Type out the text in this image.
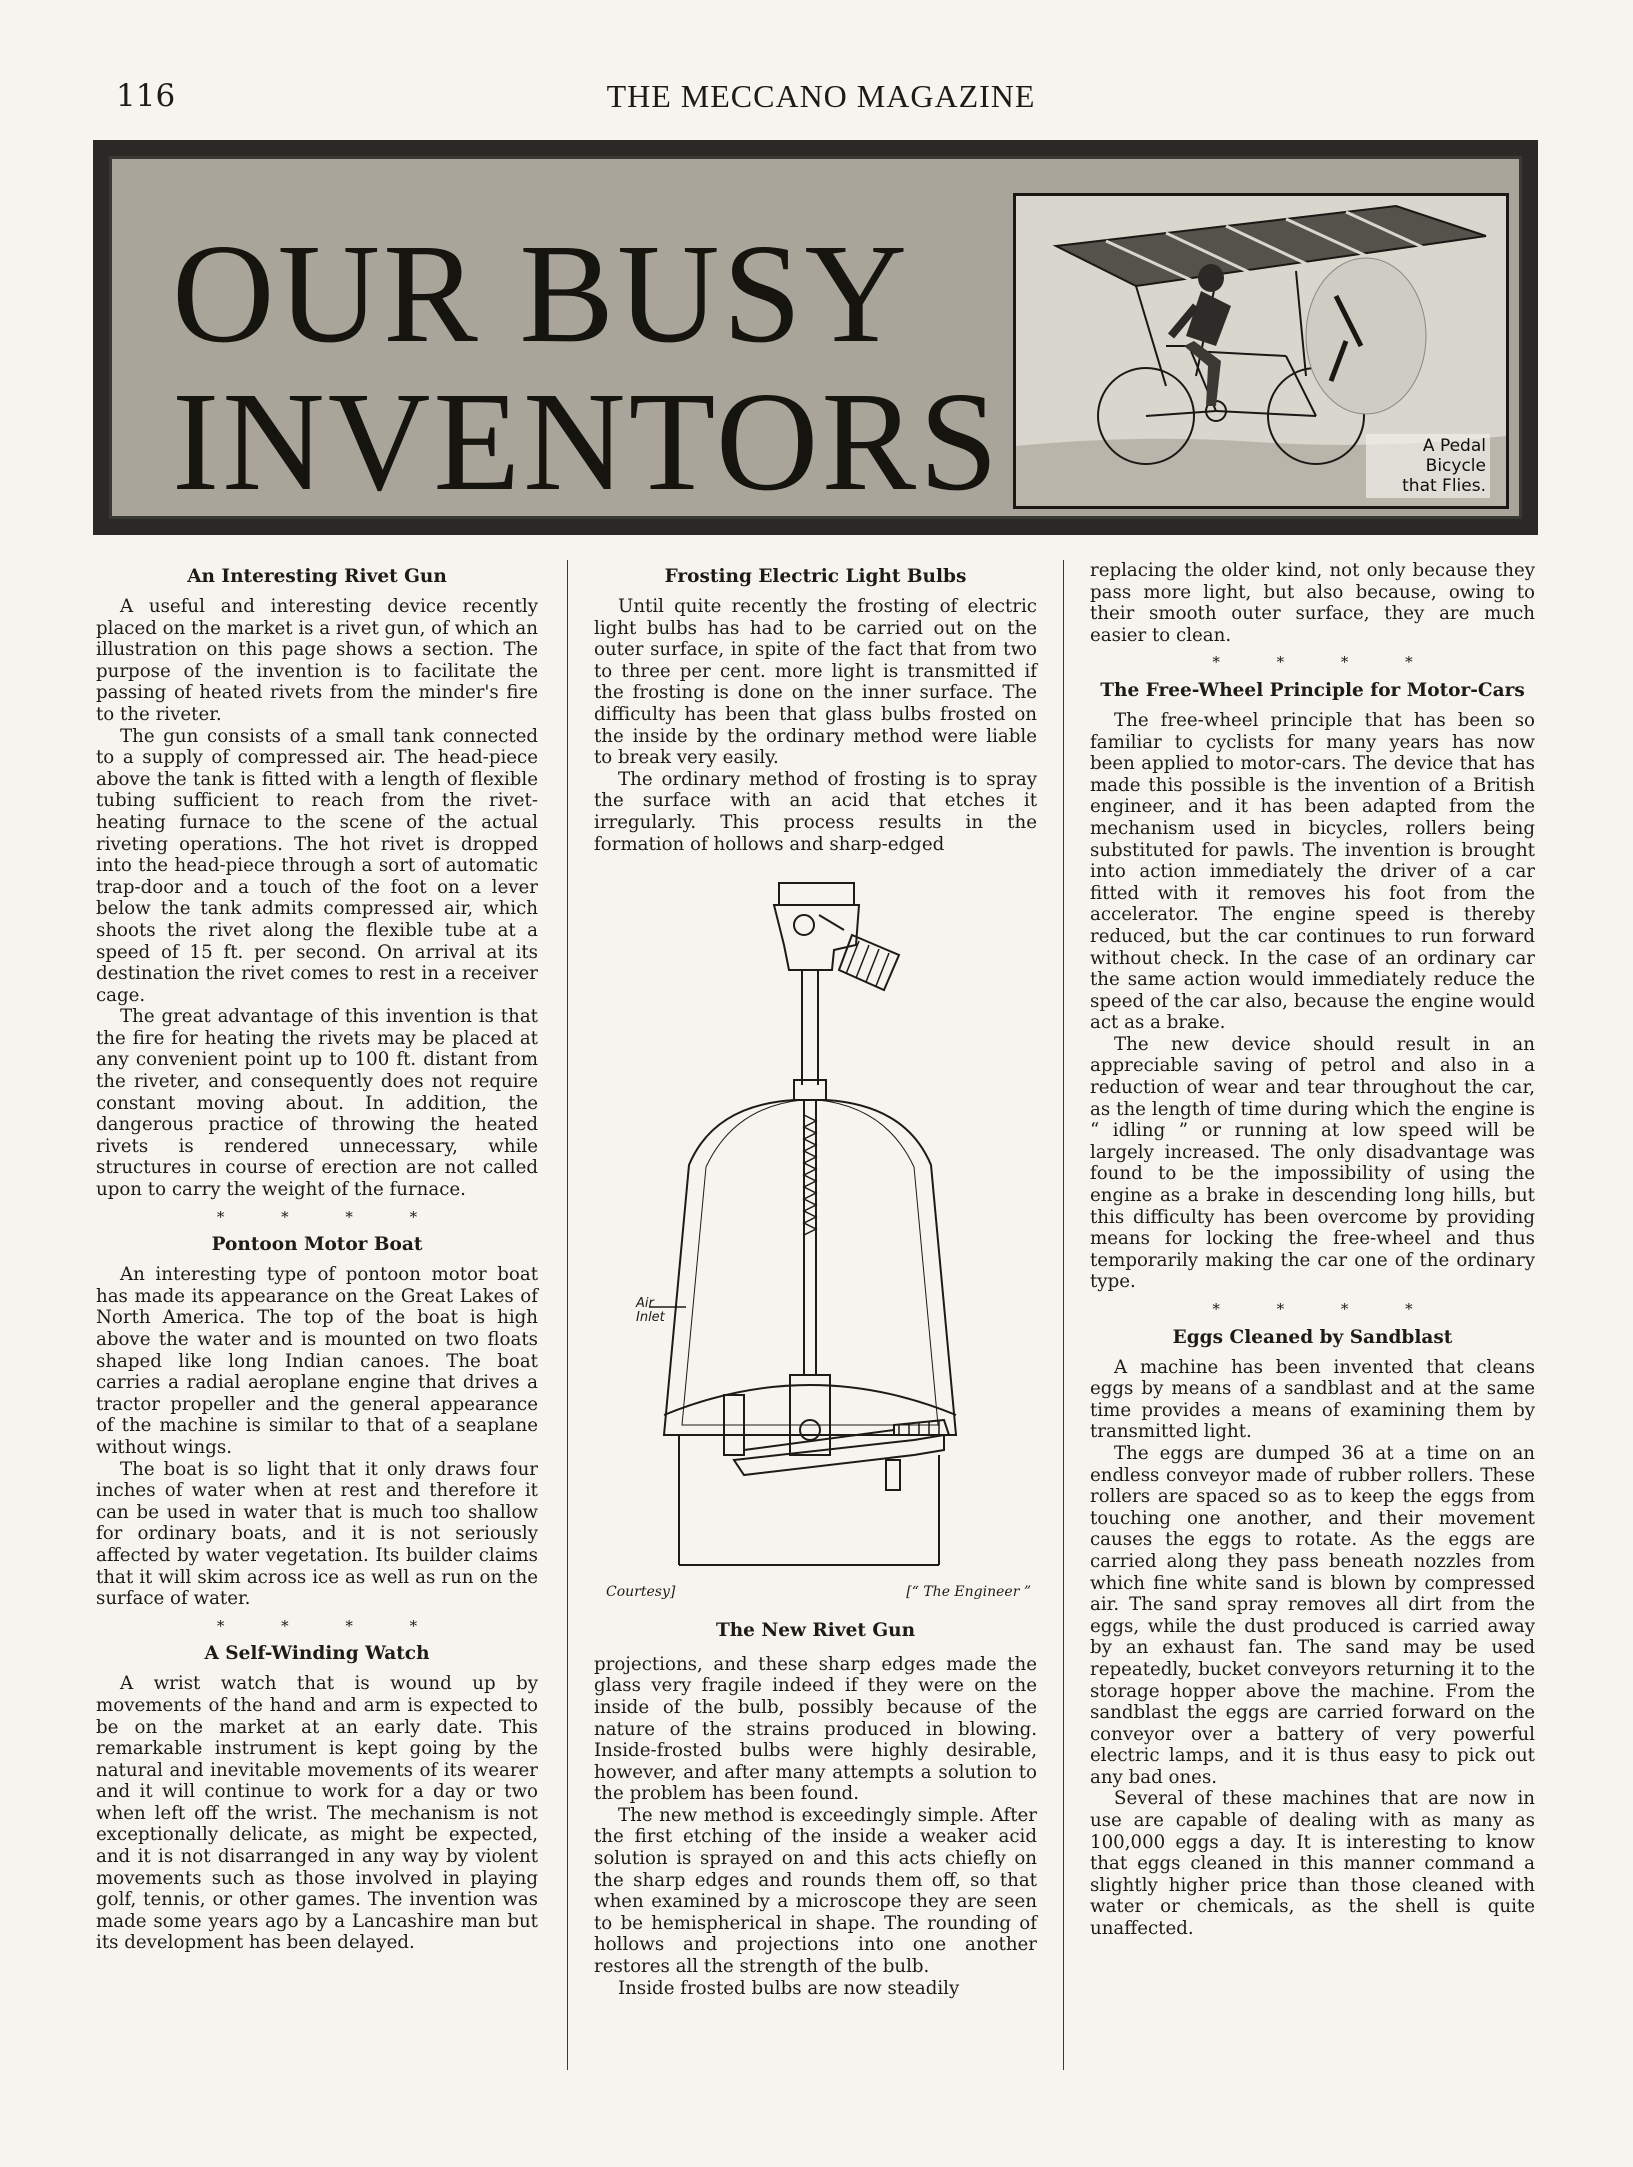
116	THE MECCANO MAGAZINE
OUR BUSY
INVENTORS	A Pedal
Bicycle
that Flies.
An Interesting Rivet Gun

A useful and interesting device recently placed on the market is a rivet gun, of which an illustration on this page shows a section. The purpose of the invention is to facilitate the passing of heated rivets from the minder's fire to the riveter.

The gun consists of a small tank connected to a supply of compressed air. The head-piece above the tank is fitted with a length of flexible tubing sufficient to reach from the rivet-heating furnace to the scene of the actual riveting operations. The hot rivet is dropped into the head-piece through a sort of automatic trap-door and a touch of the foot on a lever below the tank admits compressed air, which shoots the rivet along the flexible tube at a speed of 15 ft. per second. On arrival at its destination the rivet comes to rest in a receiver cage.

The great advantage of this invention is that the fire for heating the rivets may be placed at any convenient point up to 100 ft. distant from the riveter, and consequently does not require constant moving about. In addition, the dangerous practice of throwing the heated rivets is rendered unnecessary, while structures in course of erection are not called upon to carry the weight of the furnace.

* * * *
Pontoon Motor Boat

An interesting type of pontoon motor boat has made its appearance on the Great Lakes of North America. The top of the boat is high above the water and is mounted on two floats shaped like long Indian canoes. The boat carries a radial aeroplane engine that drives a tractor propeller and the general appearance of the machine is similar to that of a seaplane without wings.

The boat is so light that it only draws four inches of water when at rest and therefore it can be used in water that is much too shallow for ordinary boats, and it is not seriously affected by water vegetation. Its builder claims that it will skim across ice as well as run on the surface of water.

* * * *
A Self-Winding Watch

A wrist watch that is wound up by movements of the hand and arm is expected to be on the market at an early date. This remarkable instrument is kept going by the natural and inevitable movements of its wearer and it will continue to work for a day or two when left off the wrist. The mechanism is not exceptionally delicate, as might be expected, and it is not disarranged in any way by violent movements such as those involved in playing golf, tennis, or other games. The invention was made some years ago by a Lancashire man but its development has been delayed.

Frosting Electric Light Bulbs

Until quite recently the frosting of electric light bulbs has had to be carried out on the outer surface, in spite of the fact that from two to three per cent. more light is transmitted if the frosting is done on the inner surface. The difficulty has been that glass bulbs frosted on the inside by the ordinary method were liable to break very easily.

The ordinary method of frosting is to spray the surface with an acid that etches it irregularly. This process results in the formation of hollows and sharp-edged

Air
Inlet
Courtesy]	[“ The Engineer ”
The New Rivet Gun

projections, and these sharp edges made the glass very fragile indeed if they were on the inside of the bulb, possibly because of the nature of the strains produced in blowing. Inside-frosted bulbs were highly desirable, however, and after many attempts a solution to the problem has been found.

The new method is exceedingly simple. After the first etching of the inside a weaker acid solution is sprayed on and this acts chiefly on the sharp edges and rounds them off, so that when examined by a microscope they are seen to be hemispherical in shape. The rounding of hollows and projections into one another restores all the strength of the bulb.

Inside frosted bulbs are now steadily

replacing the older kind, not only because they pass more light, but also because, owing to their smooth outer surface, they are much easier to clean.

* * * *
The Free-Wheel Principle for Motor-Cars

The free-wheel principle that has been so familiar to cyclists for many years has now been applied to motor-cars. The device that has made this possible is the invention of a British engineer, and it has been adapted from the mechanism used in bicycles, rollers being substituted for pawls. The invention is brought into action immediately the driver of a car fitted with it removes his foot from the accelerator. The engine speed is thereby reduced, but the car continues to run forward without check. In the case of an ordinary car the same action would immediately reduce the speed of the car also, because the engine would act as a brake.

The new device should result in an appreciable saving of petrol and also in a reduction of wear and tear throughout the car, as the length of time during which the engine is “ idling ” or running at low speed will be largely increased. The only disadvantage was found to be the impossibility of using the engine as a brake in descending long hills, but this difficulty has been overcome by providing means for locking the free-wheel and thus temporarily making the car one of the ordinary type.

* * * *
Eggs Cleaned by Sandblast

A machine has been invented that cleans eggs by means of a sandblast and at the same time provides a means of examining them by transmitted light.

The eggs are dumped 36 at a time on an endless conveyor made of rubber rollers. These rollers are spaced so as to keep the eggs from touching one another, and their movement causes the eggs to rotate. As the eggs are carried along they pass beneath nozzles from which fine white sand is blown by compressed air. The sand spray removes all dirt from the eggs, while the dust produced is carried away by an exhaust fan. The sand may be used repeatedly, bucket conveyors returning it to the storage hopper above the machine. From the sandblast the eggs are carried forward on the conveyor over a battery of very powerful electric lamps, and it is thus easy to pick out any bad ones.

Several of these machines that are now in use are capable of dealing with as many as 100,000 eggs a day. It is interesting to know that eggs cleaned in this manner command a slightly higher price than those cleaned with water or chemicals, as the shell is quite unaffected.
